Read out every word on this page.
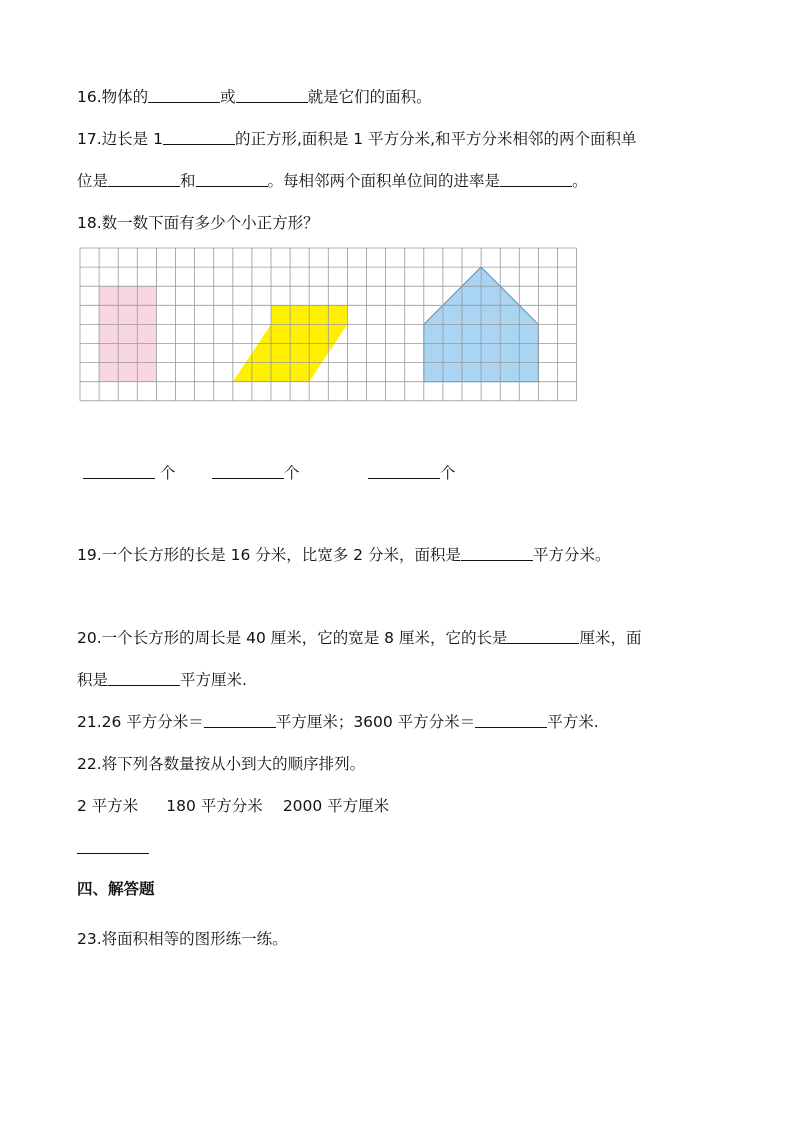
16.物体的	或	就是它们的面积。
17.边长是 1	的正方形,面积是 1 平方分米,和平方分米相邻的两个面积单
位是	和	。每相邻两个面积单位间的进率是	。
18.数一数下面有多少个小正方形？
个	个	个
19.一个长方形的长是 16 分米，比宽多 2 分米，面积是	平方分米。
20.一个长方形的周长是 40 厘米，它的宽是 8 厘米，它的长是	厘米，面
积是	平方厘米.
21.26 平方分米＝	平方厘米；3600 平方分米＝	平方米.
22.将下列各数量按从小到大的顺序排列。
2 平方米 180 平方分米 2000 平方厘米
四、解答题
23.将面积相等的图形练一练。
